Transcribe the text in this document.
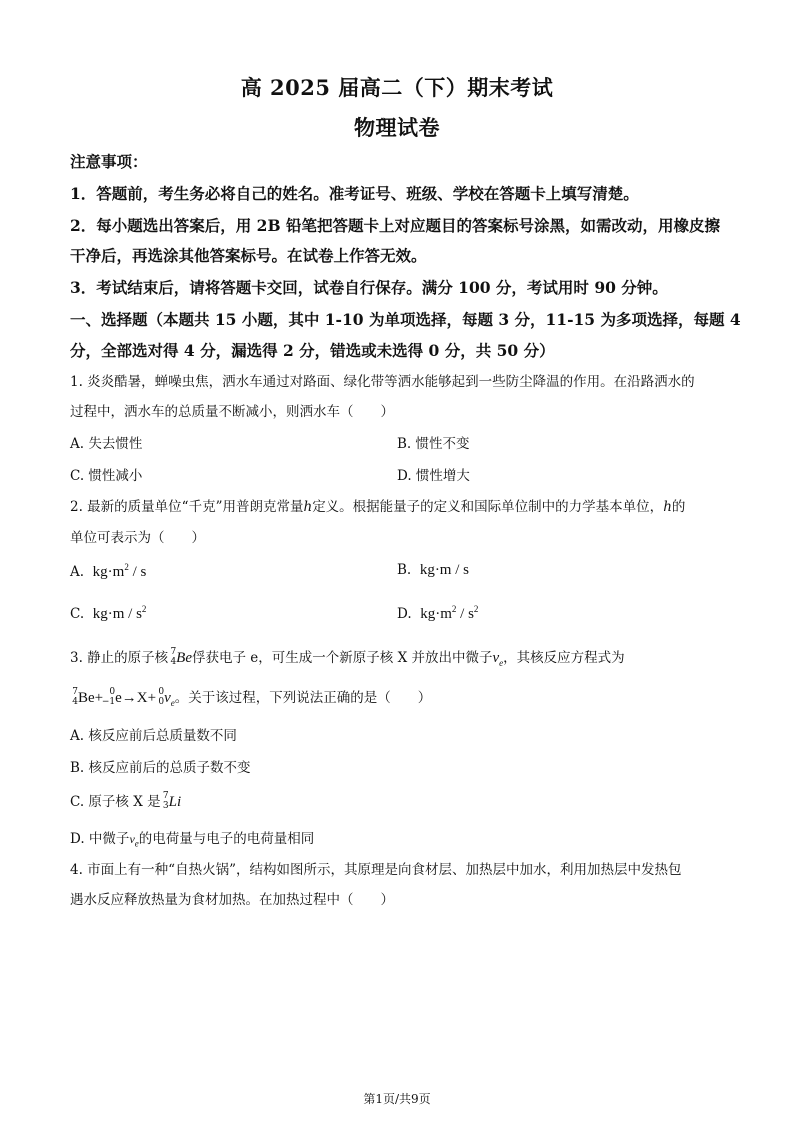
高 2025 届高二（下）期末考试
物理试卷
注意事项：
1．答题前，考生务必将自己的姓名。准考证号、班级、学校在答题卡上填写清楚。
2．每小题选出答案后，用 2B 铅笔把答题卡上对应题目的答案标号涂黑，如需改动，用橡皮擦
干净后，再选涂其他答案标号。在试卷上作答无效。
3．考试结束后，请将答题卡交回，试卷自行保存。满分 100 分，考试用时 90 分钟。
一、选择题（本题共 15 小题，其中 1-10 为单项选择，每题 3 分，11-15 为多项选择，每题 4
分，全部选对得 4 分，漏选得 2 分，错选或未选得 0 分，共 50 分）
1. 炎炎酷暑，蝉噪虫焦，洒水车通过对路面、绿化带等洒水能够起到一些防尘降温的作用。在沿路洒水的
过程中，洒水车的总质量不断减小，则洒水车（　　）
A. 失去惯性	B. 惯性不变
C. 惯性减小	D. 惯性增大
2. 最新的质量单位“千克”用普朗克常量h定义。根据能量子的定义和国际单位制中的力学基本单位，h的
单位可表示为（　　）
A. $kg\cdot m^2 / s$	B. kg·m / s
C. $kg\cdot m / s^2$	D. $kg\cdot m^2 / s^2$
3. 静止的原子核 7
4 Be俘获电子 e，可生成一个新原子核 X 并放出中微子$\nu_e$，其核反应方程式为
7
4 Be+ 0
−1 e→X+ 0
0 $\nu_e$。关于该过程，下列说法正确的是（　　）
A. 核反应前后总质量数不同
B. 核反应前后的总质子数不变
C. 原子核 X 是 7
3 Li
D. 中微子$\nu_e$的电荷量与电子的电荷量相同
4. 市面上有一种“自热火锅”，结构如图所示，其原理是向食材层、加热层中加水，利用加热层中发热包
遇水反应释放热量为食材加热。在加热过程中（　　）
第1页/共9页
